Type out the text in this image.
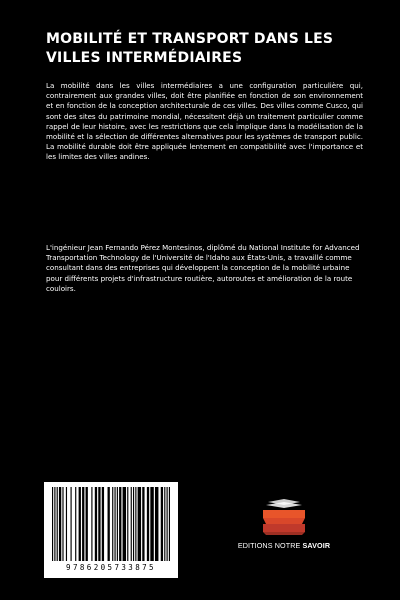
MOBILITÉ ET TRANSPORT DANS LES VILLES INTERMÉDIAIRES

La mobilité dans les villes intermédiaires a une configuration particulière qui, contrairement aux grandes villes, doit être planifiée en fonction de son environnement et en fonction de la conception architecturale de ces villes. Des villes comme Cusco, qui sont des sites du patrimoine mondial, nécessitent déjà un traitement particulier comme rappel de leur histoire, avec les restrictions que cela implique dans la modélisation de la mobilité et la sélection de différentes alternatives pour les systèmes de transport public. La mobilité durable doit être appliquée lentement en compatibilité avec l'importance et les limites des villes andines.

L'ingénieur Jean Fernando Pérez Montesinos, diplômé du National Institute for Advanced Transportation Technology de l'Université de l'Idaho aux États-Unis, a travaillé comme consultant dans des entreprises qui développent la conception de la mobilité urbaine pour différents projets d'infrastructure routière, autoroutes et amélioration de la route couloirs.

9786205733875
EDITIONS NOTRE SAVOIR
